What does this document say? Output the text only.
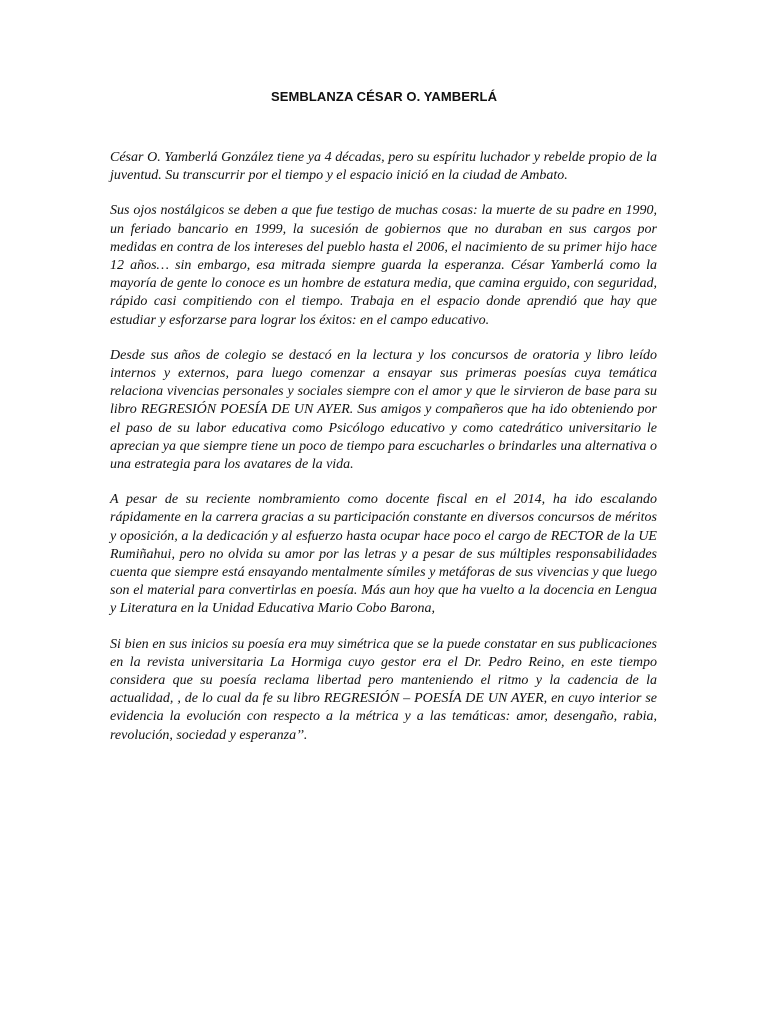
SEMBLANZA CÉSAR O. YAMBERLÁ

César O. Yamberlá González tiene ya 4 décadas, pero su espíritu luchador y rebelde propio de la juventud. Su transcurrir por el tiempo y el espacio inició en la ciudad de Ambato.

Sus ojos nostálgicos se deben a que fue testigo de muchas cosas: la muerte de su padre en 1990, un feriado bancario en 1999, la sucesión de gobiernos que no duraban en sus cargos por medidas en contra de los intereses del pueblo hasta el 2006, el nacimiento de su primer hijo hace 12 años… sin embargo, esa mitrada siempre guarda la esperanza. César Yamberlá como la mayoría de gente lo conoce es un hombre de estatura media, que camina erguido, con seguridad, rápido casi compitiendo con el tiempo. Trabaja en el espacio donde aprendió que hay que estudiar y esforzarse para lograr los éxitos: en el campo educativo.

Desde sus años de colegio se destacó en la lectura y los concursos de oratoria y libro leído internos y externos, para luego comenzar a ensayar sus primeras poesías cuya temática relaciona vivencias personales y sociales siempre con el amor y que le sirvieron de base para su libro REGRESIÓN POESÍA DE UN AYER. Sus amigos y compañeros que ha ido obteniendo por el paso de su labor educativa como Psicólogo educativo y como catedrático universitario le aprecian ya que siempre tiene un poco de tiempo para escucharles o brindarles una alternativa o una estrategia para los avatares de la vida.

A pesar de su reciente nombramiento como docente fiscal en el 2014, ha ido escalando rápidamente en la carrera gracias a su participación constante en diversos concursos de méritos y oposición, a la dedicación y al esfuerzo hasta ocupar hace poco el cargo de RECTOR de la UE Rumiñahui, pero no olvida su amor por las letras y a pesar de sus múltiples responsabilidades cuenta que siempre está ensayando mentalmente símiles y metáforas de sus vivencias y que luego son el material para convertirlas en poesía. Más aun hoy que ha vuelto a la docencia en Lengua y Literatura en la Unidad Educativa Mario Cobo Barona,

Si bien en sus inicios su poesía era muy simétrica que se la puede constatar en sus publicaciones en la revista universitaria La Hormiga cuyo gestor era el Dr. Pedro Reino, en este tiempo considera que su poesía reclama libertad pero manteniendo el ritmo y la cadencia de la actualidad, , de lo cual da fe su libro REGRESIÓN – POESÍA DE UN AYER, en cuyo interior se evidencia la evolución con respecto a la métrica y a las temáticas: amor, desengaño, rabia, revolución, sociedad y esperanza’’.
